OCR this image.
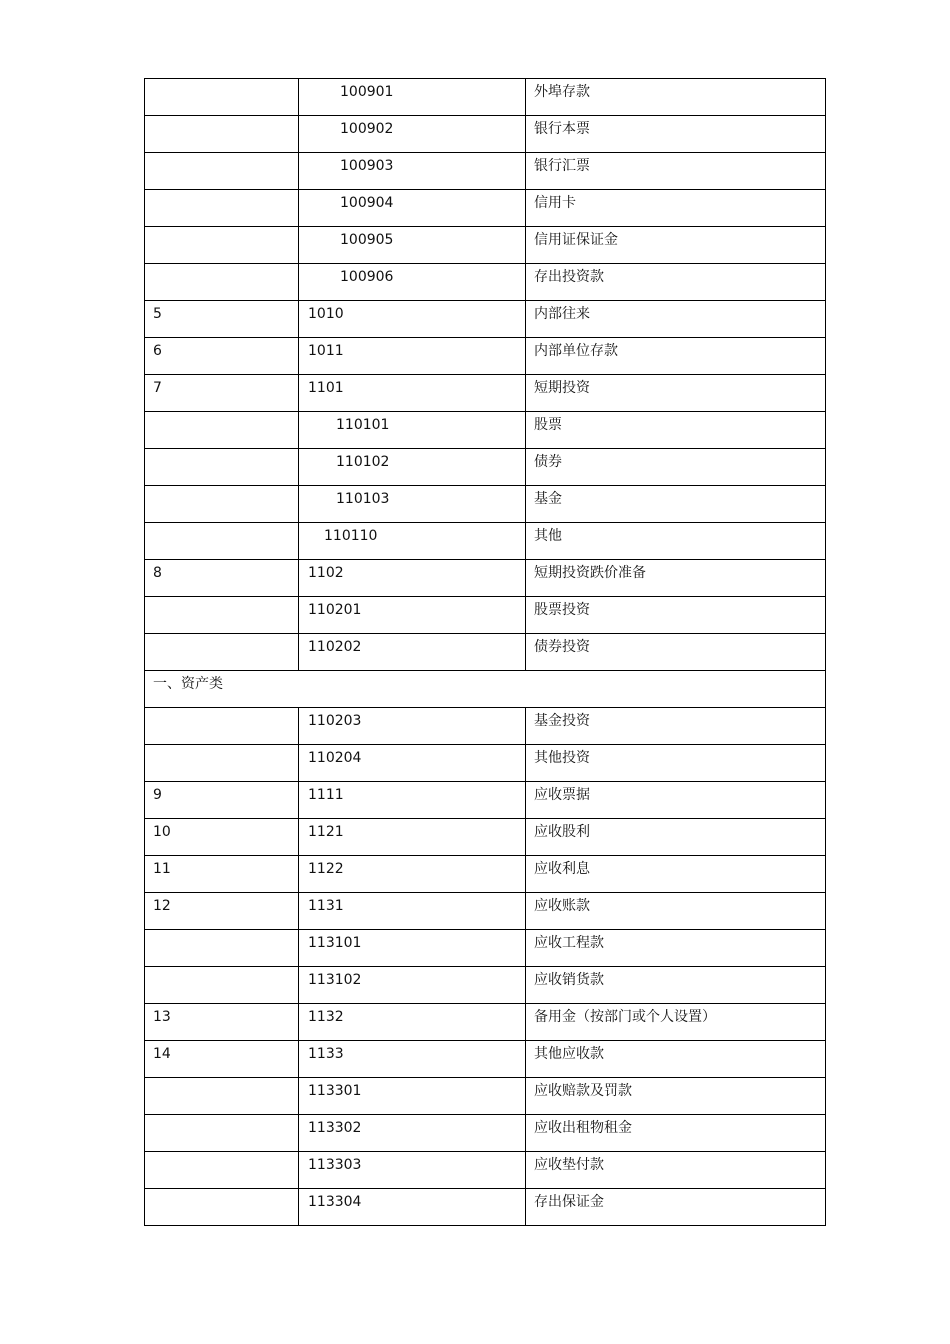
	100901	外埠存款
	100902	银行本票
	100903	银行汇票
	100904	信用卡
	100905	信用证保证金
	100906	存出投资款
5	1010	内部往来
6	1011	内部单位存款
7	1101	短期投资
	110101	股票
	110102	债券
	110103	基金
	110110	其他
8	1102	短期投资跌价准备
	110201	股票投资
	110202	债券投资
一、资产类		
	110203	基金投资
	110204	其他投资
9	1111	应收票据
10	1121	应收股利
11	1122	应收利息
12	1131	应收账款
	113101	应收工程款
	113102	应收销货款
13	1132	备用金（按部门或个人设置）
14	1133	其他应收款
	113301	应收赔款及罚款
	113302	应收出租物租金
	113303	应收垫付款
	113304	存出保证金
